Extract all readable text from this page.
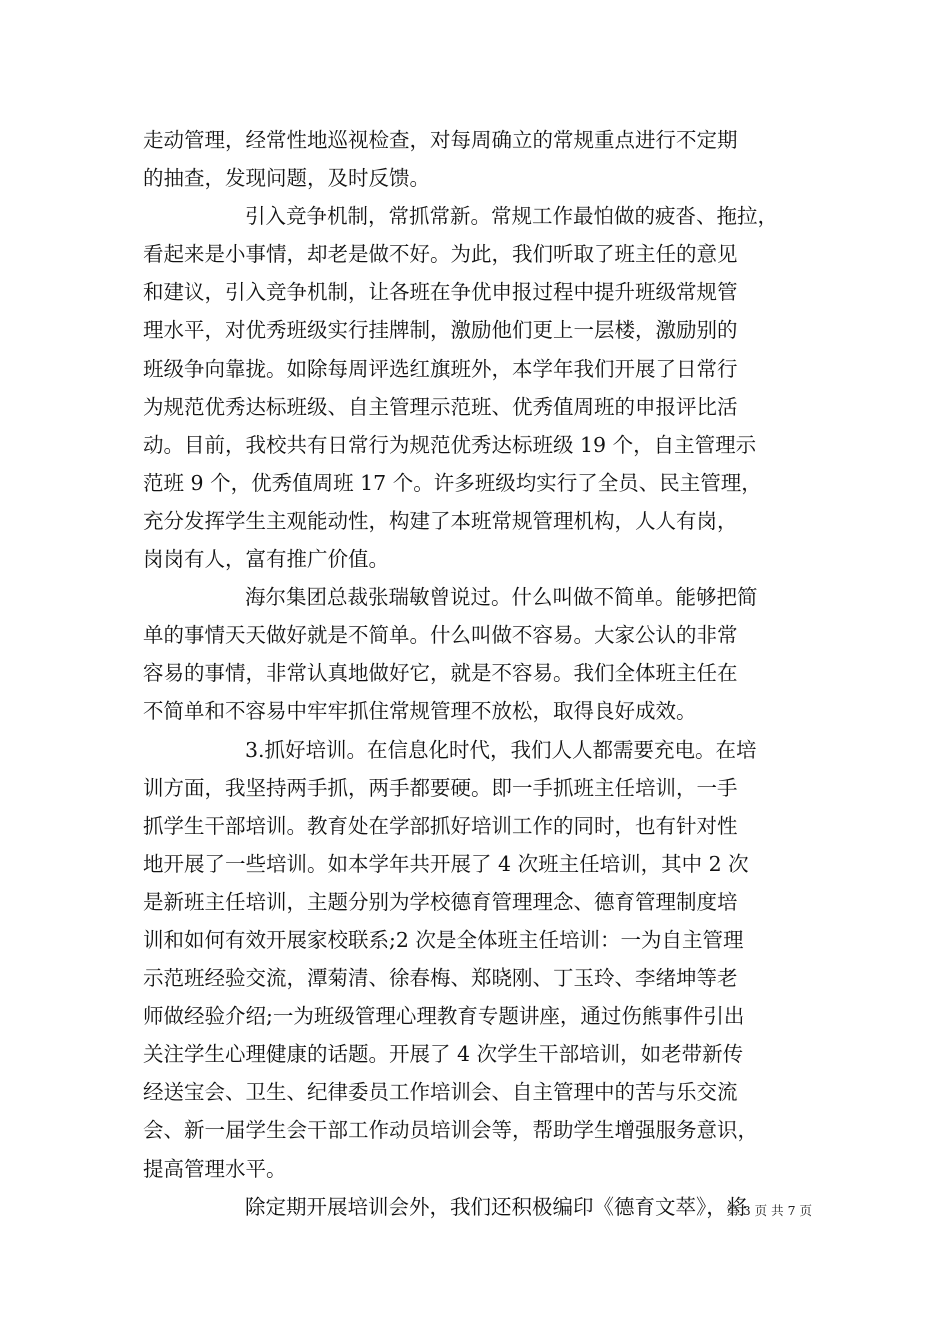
走动管理，经常性地巡视检查，对每周确立的常规重点进行不定期
的抽查，发现问题，及时反馈。
引入竞争机制，常抓常新。常规工作最怕做的疲沓、拖拉，
看起来是小事情，却老是做不好。为此，我们听取了班主任的意见
和建议，引入竞争机制，让各班在争优申报过程中提升班级常规管
理水平，对优秀班级实行挂牌制，激励他们更上一层楼，激励别的
班级争向靠拢。如除每周评选红旗班外，本学年我们开展了日常行
为规范优秀达标班级、自主管理示范班、优秀值周班的申报评比活
动。目前，我校共有日常行为规范优秀达标班级 19 个，自主管理示
范班 9 个，优秀值周班 17 个。许多班级均实行了全员、民主管理，
充分发挥学生主观能动性，构建了本班常规管理机构，人人有岗，
岗岗有人，富有推广价值。
海尔集团总裁张瑞敏曾说过。什么叫做不简单。能够把简
单的事情天天做好就是不简单。什么叫做不容易。大家公认的非常
容易的事情，非常认真地做好它，就是不容易。我们全体班主任在
不简单和不容易中牢牢抓住常规管理不放松，取得良好成效。
3.抓好培训。在信息化时代，我们人人都需要充电。在培
训方面，我坚持两手抓，两手都要硬。即一手抓班主任培训，一手
抓学生干部培训。教育处在学部抓好培训工作的同时，也有针对性
地开展了一些培训。如本学年共开展了 4 次班主任培训，其中 2 次
是新班主任培训，主题分别为学校德育管理理念、德育管理制度培
训和如何有效开展家校联系;2 次是全体班主任培训：一为自主管理
示范班经验交流，潭菊清、徐春梅、郑晓刚、丁玉玲、李绪坤等老
师做经验介绍;一为班级管理心理教育专题讲座，通过伤熊事件引出
关注学生心理健康的话题。开展了 4 次学生干部培训，如老带新传
经送宝会、卫生、纪律委员工作培训会、自主管理中的苦与乐交流
会、新一届学生会干部工作动员培训会等，帮助学生增强服务意识，
提高管理水平。
除定期开展培训会外，我们还积极编印《德育文萃》，将
第 3 页 共 7 页
